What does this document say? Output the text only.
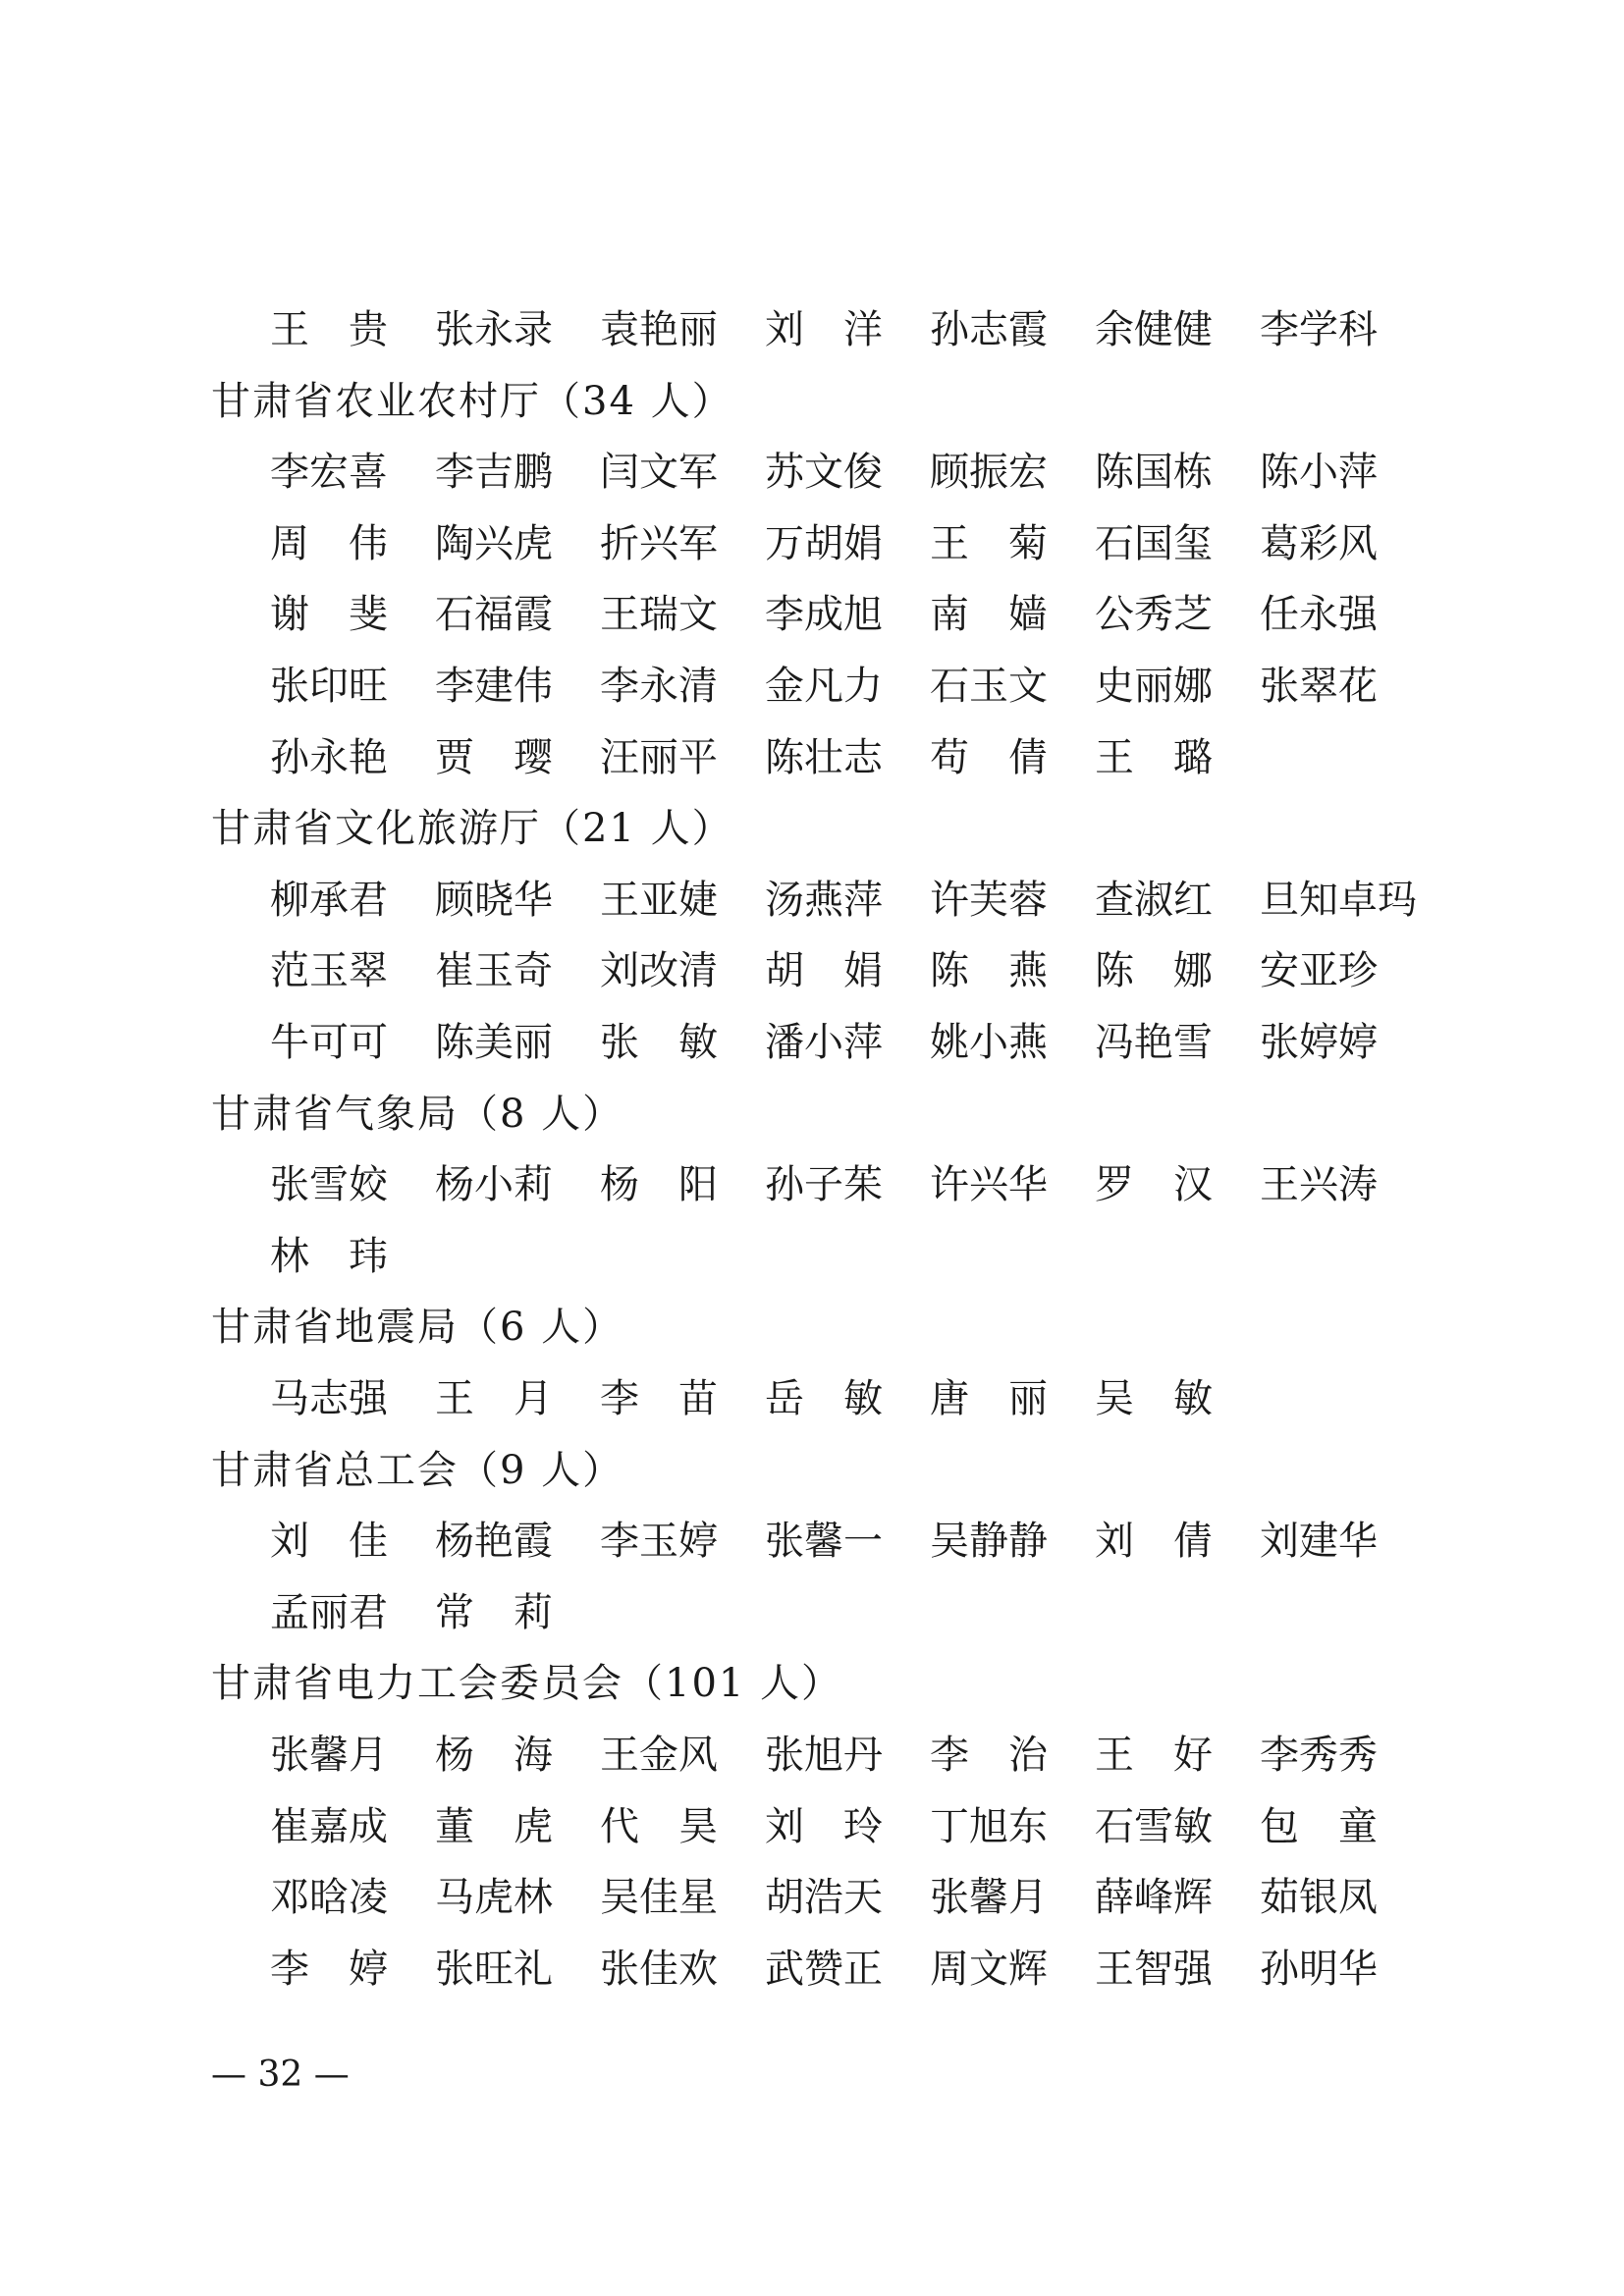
王 贵 张 永 录 袁 艳 丽 刘 洋 孙 志 霞 余 健 健 李 学 科
甘肃省农业农村厅（34 人）
李 宏 喜 李 吉 鹏 闫 文 军 苏 文 俊 顾 振 宏 陈 国 栋 陈 小 萍
周 伟 陶 兴 虎 折 兴 军 万 胡 娟 王 菊 石 国 玺 葛 彩 风
谢 斐 石 福 霞 王 瑞 文 李 成 旭 南 嫱 公 秀 芝 任 永 强
张 印 旺 李 建 伟 李 永 清 金 凡 力 石 玉 文 史 丽 娜 张 翠 花
孙 永 艳 贾 璎 汪 丽 平 陈 壮 志 苟 倩 王 璐
甘肃省文化旅游厅（21 人）
柳 承 君 顾 晓 华 王 亚 婕 汤 燕 萍 许 芙 蓉 查 淑 红 旦 知 卓 玛
范 玉 翠 崔 玉 奇 刘 改 清 胡 娟 陈 燕 陈 娜 安 亚 珍
牛 可 可 陈 美 丽 张 敏 潘 小 萍 姚 小 燕 冯 艳 雪 张 婷 婷
甘肃省气象局（8 人）
张 雪 姣 杨 小 莉 杨 阳 孙 子 茱 许 兴 华 罗 汉 王 兴 涛
林 玮
甘肃省地震局（6 人）
马 志 强 王 月 李 苗 岳 敏 唐 丽 吴 敏
甘肃省总工会（9 人）
刘 佳 杨 艳 霞 李 玉 婷 张 馨 一 吴 静 静 刘 倩 刘 建 华
孟 丽 君 常 莉
甘肃省电力工会委员会（101 人）
张 馨 月 杨 海 王 金 风 张 旭 丹 李 治 王 好 李 秀 秀
崔 嘉 成 董 虎 代 昊 刘 玲 丁 旭 东 石 雪 敏 包 童
邓 晗 凌 马 虎 林 吴 佳 星 胡 浩 天 张 馨 月 薛 峰 辉 茹 银 凤
李 婷 张 旺 礼 张 佳 欢 武 赞 正 周 文 辉 王 智 强 孙 明 华
— 32 —
